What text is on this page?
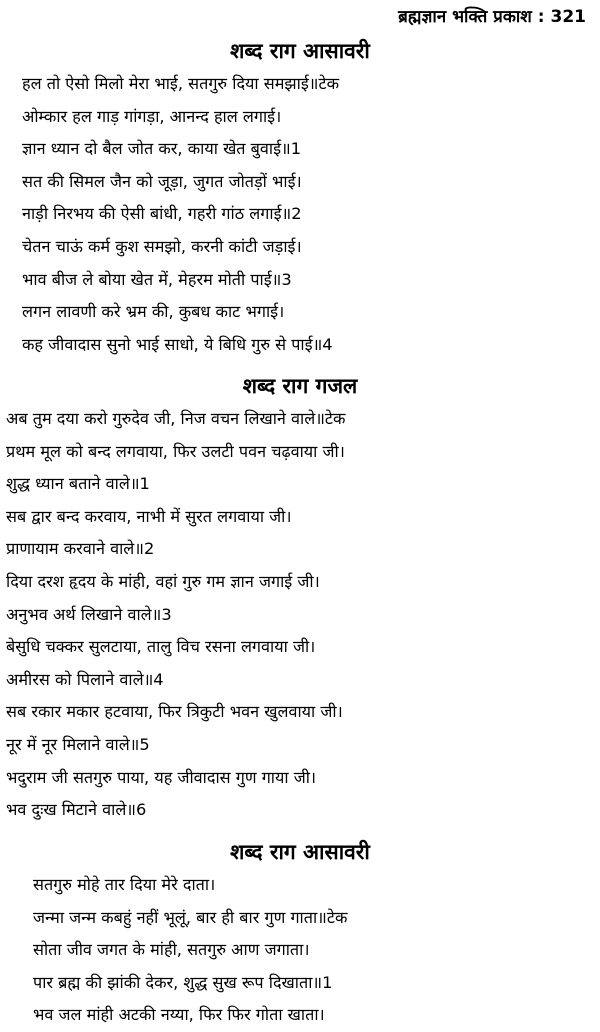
ब्रह्मज्ञान भक्ति प्रकाश : 321
शब्द राग आसावरी
हल तो ऐसो मिलो मेरा भाई, सतगुरु दिया समझाई॥टेक
ओम्कार हल गाड़ गांगड़ा, आनन्द हाल लगाई।
ज्ञान ध्यान दो बैल जोत कर, काया खेत बुवाई॥1
सत की सिमल जैन को जूड़ा, जुगत जोतड़ों भाई।
नाड़ी निरभय की ऐसी बांधी, गहरी गांठ लगाई॥2
चेतन चाऊं कर्म कुश समझो, करनी कांटी जड़ाई।
भाव बीज ले बोया खेत में, मेहरम मोती पाई॥3
लगन लावणी करे भ्रम की, कुबध काट भगाई।
कह जीवादास सुनो भाई साधो, ये बिधि गुरु से पाई॥4
शब्द राग गजल
अब तुम दया करो गुरुदेव जी, निज वचन लिखाने वाले॥टेक
प्रथम मूल को बन्द लगवाया, फिर उलटी पवन चढ़वाया जी।
शुद्ध ध्यान बताने वाले॥1
सब द्वार बन्द करवाय, नाभी में सुरत लगवाया जी।
प्राणायाम करवाने वाले॥2
दिया दरश हृदय के मांही, वहां गुरु गम ज्ञान जगाई जी।
अनुभव अर्थ लिखाने वाले॥3
बेसुधि चक्कर सुलटाया, तालु विच रसना लगवाया जी।
अमीरस को पिलाने वाले॥4
सब रकार मकार हटवाया, फिर त्रिकुटी भवन खुलवाया जी।
नूर में नूर मिलाने वाले॥5
भदुराम जी सतगुरु पाया, यह जीवादास गुण गाया जी।
भव दुःख मिटाने वाले॥6
शब्द राग आसावरी
सतगुरु मोहे तार दिया मेरे दाता।
जन्मा जन्म कबहुं नहीं भूलूं, बार ही बार गुण गाता॥टेक
सोता जीव जगत के मांही, सतगुरु आण जगाता।
पार ब्रह्म की झांकी देकर, शुद्ध सुख रूप दिखाता॥1
भव जल मांही अटकी नय्या, फिर फिर गोता खाता।
